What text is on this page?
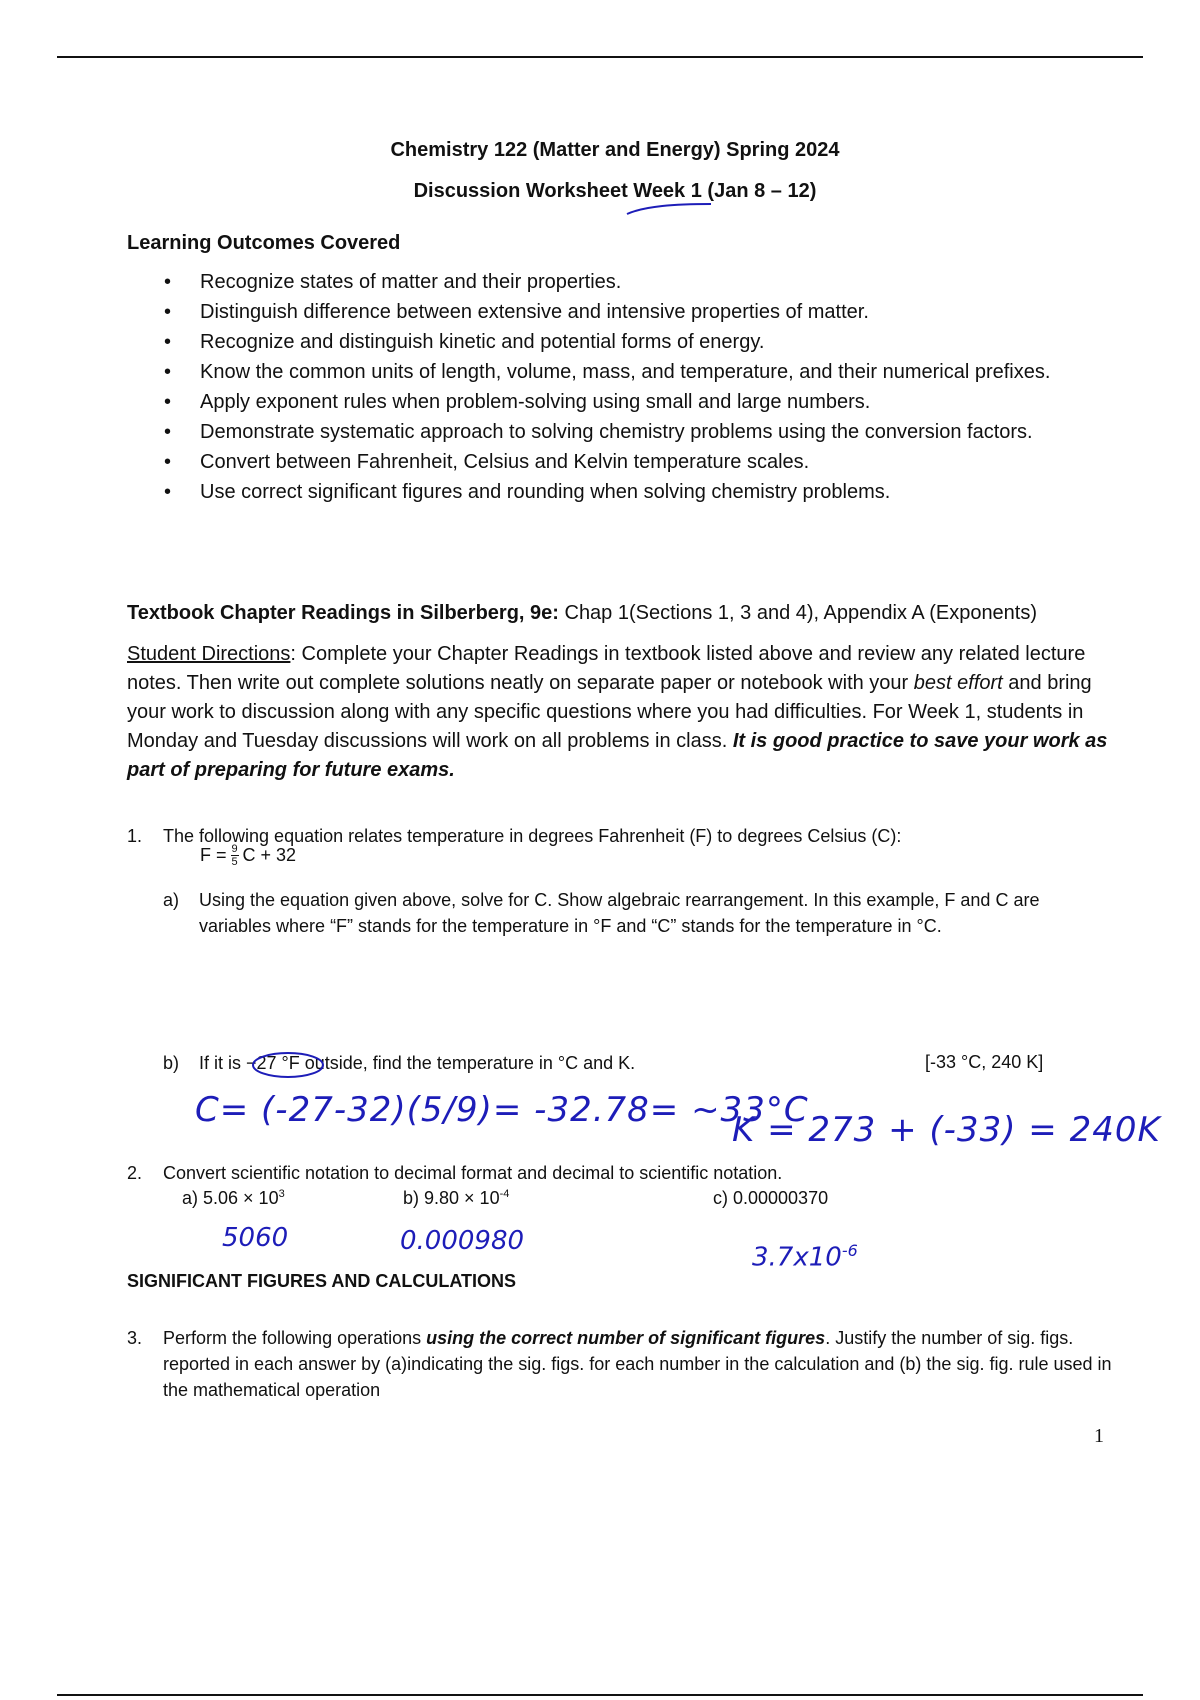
Chemistry 122 (Matter and Energy) Spring 2024
Discussion Worksheet Week 1 (Jan 8 – 12)
Learning Outcomes Covered
• Recognize states of matter and their properties.
• Distinguish difference between extensive and intensive properties of matter.
• Recognize and distinguish kinetic and potential forms of energy.
• Know the common units of length, volume, mass, and temperature, and their numerical prefixes.
• Apply exponent rules when problem-solving using small and large numbers.
• Demonstrate systematic approach to solving chemistry problems using the conversion factors.
• Convert between Fahrenheit, Celsius and Kelvin temperature scales.
• Use correct significant figures and rounding when solving chemistry problems.
Textbook Chapter Readings in Silberberg, 9e: Chap 1(Sections 1, 3 and 4), Appendix A (Exponents)
Student Directions: Complete your Chapter Readings in textbook listed above and review any related lecture notes. Then write out complete solutions neatly on separate paper or notebook with your best effort and bring your work to discussion along with any specific questions where you had difficulties. For Week 1, students in Monday and Tuesday discussions will work on all problems in class. It is good practice to save your work as part of preparing for future exams.
1. The following equation relates temperature in degrees Fahrenheit (F) to degrees Celsius (C):
$F = \frac{9}{5}$ C + 32
a) Using the equation given above, solve for C. Show algebraic rearrangement. In this example, F and C are variables where “F” stands for the temperature in °F and “C” stands for the temperature in °C.
b) If it is −27 °F outside, find the temperature in °C and K.	[-33 °C, 240 K]
C= (-27-32)(5/9)= -32.78= ~33°C
K = 273 + (-33) = 240K
2. Convert scientific notation to decimal format and decimal to scientific notation.
a) $5.06 \times 10^3$	b) $9.80 \times 10^{-4}$	c) 0.00000370
5060	0.000980
$3.7x10^{-6}$
SIGNIFICANT FIGURES AND CALCULATIONS
3. Perform the following operations using the correct number of significant figures. Justify the number of sig. figs. reported in each answer by (a)indicating the sig. figs. for each number in the calculation and (b) the sig. fig. rule used in the mathematical operation
1
